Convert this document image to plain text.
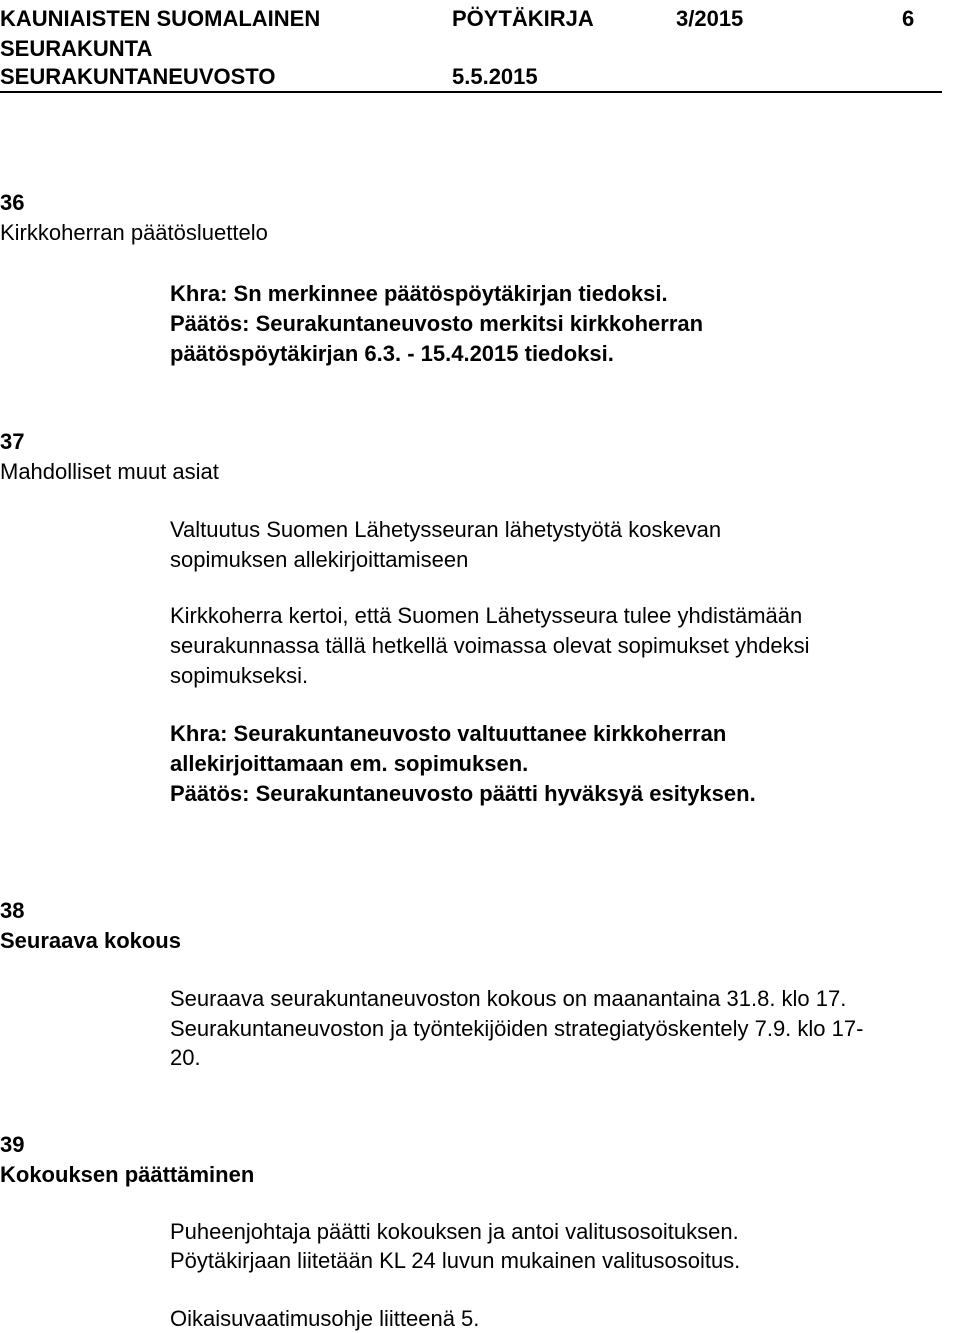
KAUNIAISTEN SUOMALAINEN
SEURAKUNTA
SEURAKUNTANEUVOSTO
PÖYTÄKIRJA	3/2015	6
5.5.2015
36
Kirkkoherran päätösluettelo
Khra: Sn merkinnee päätöspöytäkirjan tiedoksi.
Päätös: Seurakuntaneuvosto merkitsi kirkkoherran
päätöspöytäkirjan 6.3. - 15.4.2015 tiedoksi.
37
Mahdolliset muut asiat
Valtuutus Suomen Lähetysseuran lähetystyötä koskevan
sopimuksen allekirjoittamiseen
Kirkkoherra kertoi, että Suomen Lähetysseura tulee yhdistämään
seurakunnassa tällä hetkellä voimassa olevat sopimukset yhdeksi
sopimukseksi.
Khra: Seurakuntaneuvosto valtuuttanee kirkkoherran
allekirjoittamaan em. sopimuksen.
Päätös: Seurakuntaneuvosto päätti hyväksyä esityksen.
38
Seuraava kokous
Seuraava seurakuntaneuvoston kokous on maanantaina 31.8. klo 17.
Seurakuntaneuvoston ja työntekijöiden strategiatyöskentely 7.9. klo 17-
20.
39
Kokouksen päättäminen
Puheenjohtaja päätti kokouksen ja antoi valitusosoituksen.
Pöytäkirjaan liitetään KL 24 luvun mukainen valitusosoitus.
Oikaisuvaatimusohje liitteenä 5.
